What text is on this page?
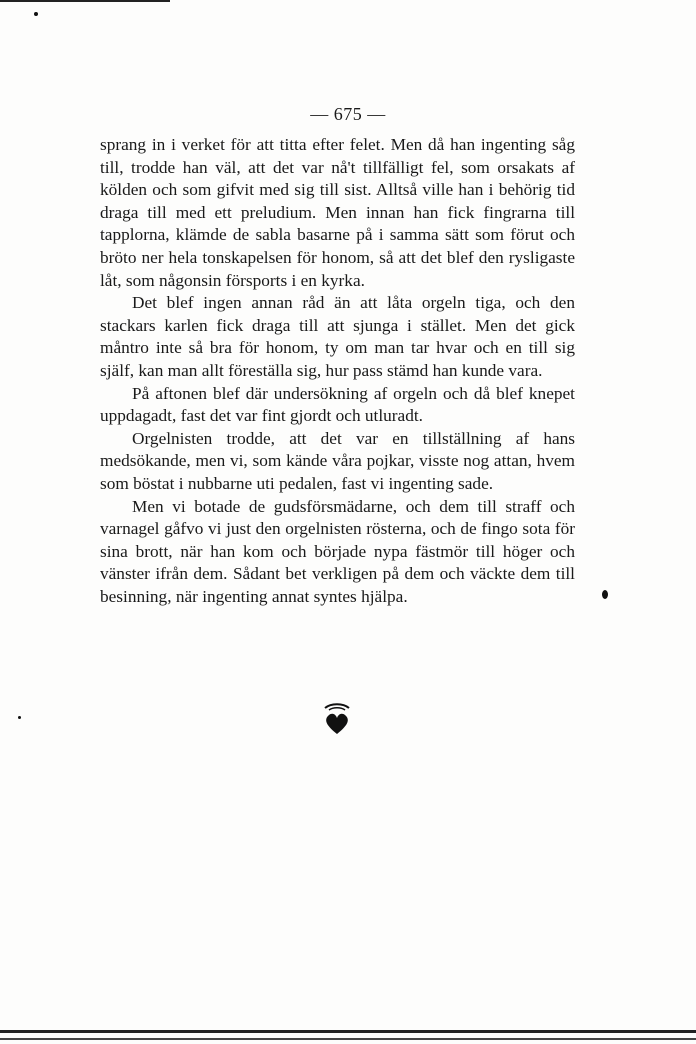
— 675 —

sprang in i verket för att titta efter felet. Men då han ingenting såg till, trodde han väl, att det var nå't tillfälligt fel, som orsakats af kölden och som gifvit med sig till sist. Alltså ville han i behörig tid draga till med ett preludium. Men innan han fick fingrarna till tapplorna, klämde de sabla basarne på i samma sätt som förut och bröto ner hela tonskapelsen för honom, så att det blef den rysligaste låt, som någonsin försports i en kyrka.

Det blef ingen annan råd än att låta orgeln tiga, och den stackars karlen fick draga till att sjunga i stället. Men det gick måntro inte så bra för honom, ty om man tar hvar och en till sig själf, kan man allt föreställa sig, hur pass stämd han kunde vara.

På aftonen blef där undersökning af orgeln och då blef knepet uppdagadt, fast det var fint gjordt och utluradt.

Orgelnisten trodde, att det var en tillställning af hans medsökande, men vi, som kände våra pojkar, visste nog attan, hvem som böstat i nubbarne uti pedalen, fast vi ingenting sade.

Men vi botade de gudsförsmädarne, och dem till straff och varnagel gåfvo vi just den orgelnisten rösterna, och de fingo sota för sina brott, när han kom och började nypa fästmör till höger och vänster ifrån dem. Sådant bet verkligen på dem och väckte dem till besinning, när ingenting annat syntes hjälpa.
